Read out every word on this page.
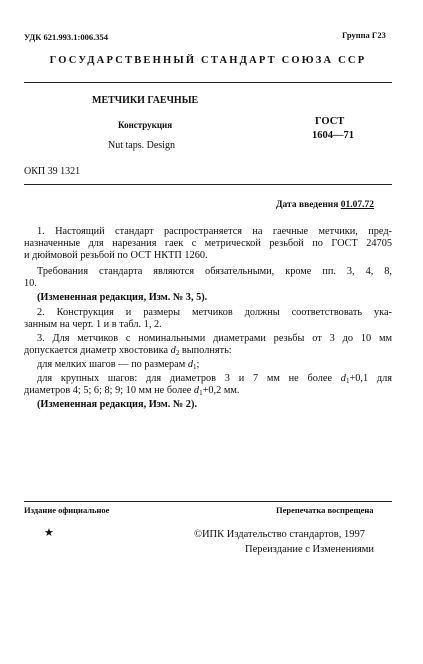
УДК 621.993.1:006.354	Группа Г23
ГОСУДАРСТВЕННЫЙ СТАНДАРТ СОЮЗА ССР
МЕТЧИКИ ГАЕЧНЫЕ
Конструкция
Nut taps. Design
ГОСТ
1604—71
ОКП 39 1321
Дата введения 01.07.72
1. Настоящий стандарт распространяется на гаечные метчики, пред-
назначенные для нарезания гаек с метрической резьбой по ГОСТ 24705
и дюймовой резьбой по ОСТ НКТП 1260.
Требования стандарта являются обязательными, кроме пп. 3, 4, 8,
10.
(Измененная редакция, Изм. № 3, 5).
2. Конструкция и размеры метчиков должны соответствовать ука-
занным на черт. 1 и в табл. 1, 2.
3. Для метчиков с номинальными диаметрами резьбы от 3 до 10 мм
допускается диаметр хвостовика $d_2$ выполнять:
для мелких шагов — по размерам $d_1$;
для крупных шагов: для диаметров 3 и 7 мм не более $d_1+0,1$ для
диаметров 4; 5; 6; 8; 9; 10 мм не более $d_1+0,2$ мм.
(Измененная редакция, Изм. № 2).
Издание официальное	Перепечатка воспрещена
★	©ИПК Издательство стандартов, 1997
Переиздание с Изменениями
